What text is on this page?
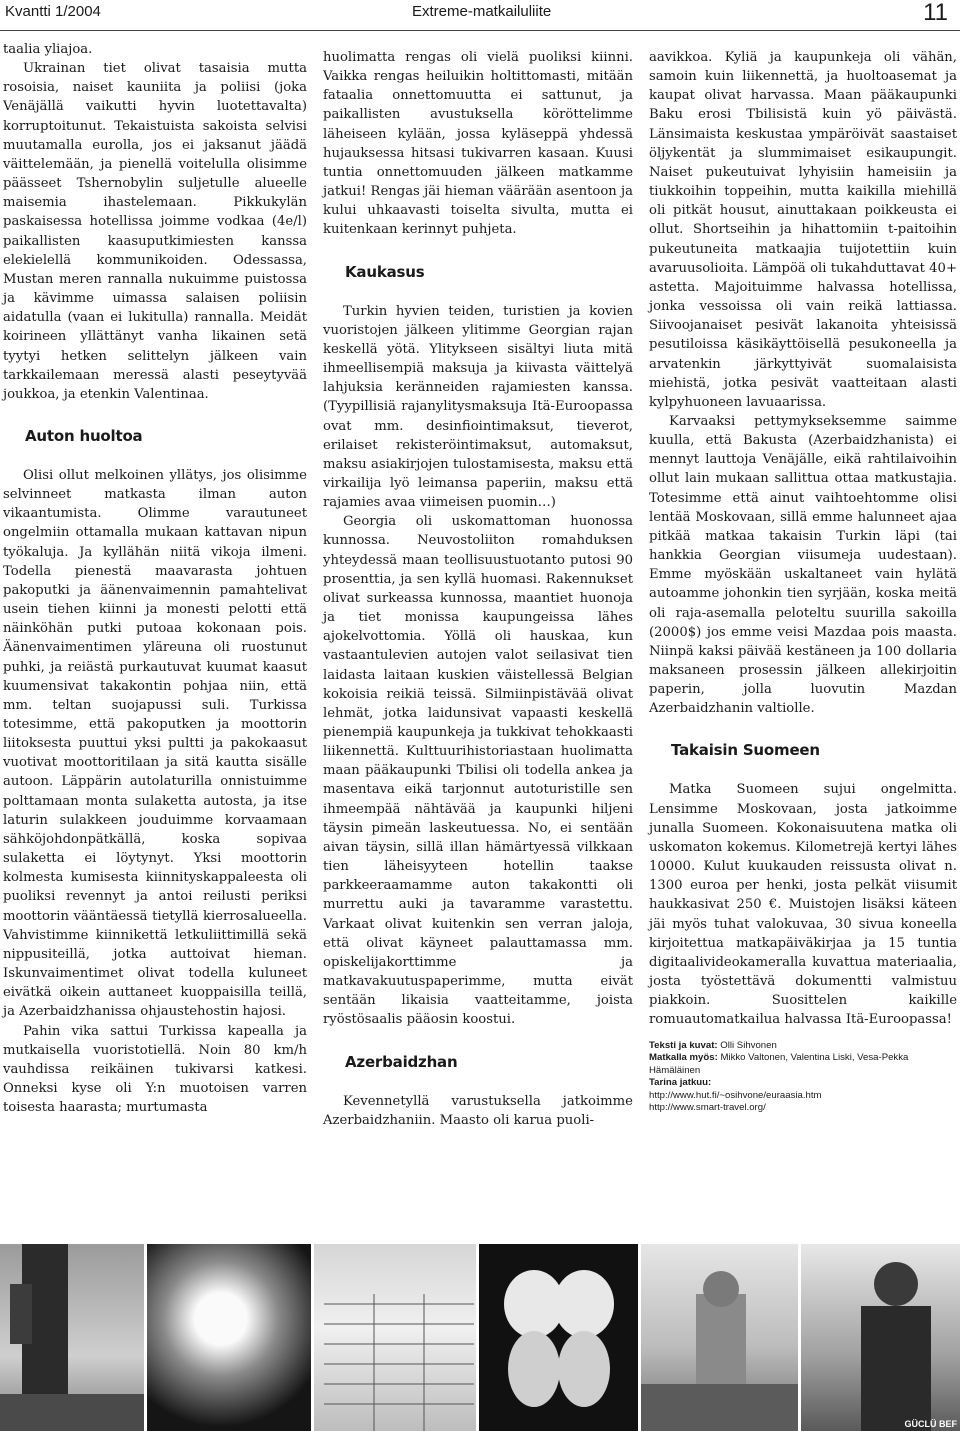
Kvantti 1/2004	Extreme-matkailuliite	11

taalia yliajoa.

Ukrainan tiet olivat tasaisia mutta rosoisia, naiset kauniita ja poliisi (joka Venäjällä vaikutti hyvin luotettavalta) korruptoitunut. Tekaistuista sakoista selvisi muutamalla eurolla, jos ei jaksanut jäädä väittelemään, ja pienellä voitelulla olisimme päässeet Tshernobylin suljetulle alueelle maisemia ihastelemaan. Pikkukylän paskaisessa hotellissa joimme vodkaa (4e/l) paikallisten kaasuputkimiesten kanssa elekielellä kommunikoiden. Odessassa, Mustan meren rannalla nukuimme puistossa ja kävimme uimassa salaisen poliisin aidatulla (vaan ei lukitulla) rannalla. Meidät koirineen yllättänyt vanha likainen setä tyytyi hetken selittelyn jälkeen vain tarkkailemaan meressä alasti peseytyvää joukkoa, ja etenkin Valentinaa.

Auton huoltoa

Olisi ollut melkoinen yllätys, jos olisimme selvinneet matkasta ilman auton vikaantumista. Olimme varautuneet ongelmiin ottamalla mukaan kattavan nipun työkaluja. Ja kyllähän niitä vikoja ilmeni. Todella pienestä maavarasta johtuen pakoputki ja äänenvaimennin pamahtelivat usein tiehen kiinni ja monesti pelotti että näinköhän putki putoaa kokonaan pois. Äänenvaimentimen yläreuna oli ruostunut puhki, ja reiästä purkautuvat kuumat kaasut kuumensivat takakontin pohjaa niin, että mm. teltan suojapussi suli. Turkissa totesimme, että pakoputken ja moottorin liitoksesta puuttui yksi pultti ja pakokaasut vuotivat moottoritilaan ja sitä kautta sisälle autoon. Läppärin autolaturilla onnistuimme polttamaan monta sulaketta autosta, ja itse laturin sulakkeen jouduimme korvaamaan sähköjohdonpätkällä, koska sopivaa sulaketta ei löytynyt. Yksi moottorin kolmesta kumisesta kiinnityskappaleesta oli puoliksi revennyt ja antoi reilusti periksi moottorin vääntäessä tietyllä kierrosalueella. Vahvistimme kiinnikettä letkuliittimillä sekä nippusiteillä, jotka auttoivat hieman. Iskunvaimentimet olivat todella kuluneet eivätkä oikein auttaneet kuoppaisilla teillä, ja Azerbaidzhanissa ohjaustehostin hajosi.

Pahin vika sattui Turkissa kapealla ja mutkaisella vuoristotiellä. Noin 80 km/h vauhdissa reikäinen tukivarsi katkesi. Onneksi kyse oli Y:n muotoisen varren toisesta haarasta; murtumasta

huolimatta rengas oli vielä puoliksi kiinni. Vaikka rengas heiluikin holtittomasti, mitään fataalia onnettomuutta ei sattunut, ja paikallisten avustuksella köröttelimme läheiseen kylään, jossa kyläseppä yhdessä hujauksessa hitsasi tukivarren kasaan. Kuusi tuntia onnettomuuden jälkeen matkamme jatkui! Rengas jäi hieman väärään asentoon ja kului uhkaavasti toiselta sivulta, mutta ei kuitenkaan kerinnyt puhjeta.

Kaukasus

Turkin hyvien teiden, turistien ja kovien vuoristojen jälkeen ylitimme Georgian rajan keskellä yötä. Ylitykseen sisältyi liuta mitä ihmeellisempiä maksuja ja kiivasta väittelyä lahjuksia keränneiden rajamiesten kanssa. (Tyypillisiä rajanylitysmaksuja Itä-Euroopassa ovat mm. desinfiointimaksut, tieverot, erilaiset rekisteröintimaksut, automaksut, maksu asiakirjojen tulostamisesta, maksu että virkailija lyö leimansa paperiin, maksu että rajamies avaa viimeisen puomin…)

Georgia oli uskomattoman huonossa kunnossa. Neuvostoliiton romahduksen yhteydessä maan teollisuustuotanto putosi 90 prosenttia, ja sen kyllä huomasi. Rakennukset olivat surkeassa kunnossa, maantiet huonoja ja tiet monissa kaupungeissa lähes ajokelvottomia. Yöllä oli hauskaa, kun vastaantulevien autojen valot seilasivat tien laidasta laitaan kuskien väistellessä Belgian kokoisia reikiä teissä. Silmiinpistävää olivat lehmät, jotka laidunsivat vapaasti keskellä pienempiä kaupunkeja ja tukkivat tehokkaasti liikennettä. Kulttuurihistoriastaan huolimatta maan pääkaupunki Tbilisi oli todella ankea ja masentava eikä tarjonnut autoturistille sen ihmeempää nähtävää ja kaupunki hiljeni täysin pimeän laskeutuessa. No, ei sentään aivan täysin, sillä illan hämärtyessä vilkkaan tien läheisyyteen hotellin taakse parkkeeraamamme auton takakontti oli murrettu auki ja tavaramme varastettu. Varkaat olivat kuitenkin sen verran jaloja, että olivat käyneet palauttamassa mm. opiskelijakorttimme ja matkavakuutuspaperimme, mutta eivät sentään likaisia vaatteitamme, joista ryöstösaalis pääosin koostui.

Azerbaidzhan

Kevennetyllä varustuksella jatkoimme Azerbaidzhaniin. Maasto oli karua puoli-

aavikkoa. Kyliä ja kaupunkeja oli vähän, samoin kuin liikennettä, ja huoltoasemat ja kaupat olivat harvassa. Maan pääkaupunki Baku erosi Tbilisistä kuin yö päivästä. Länsimaista keskustaa ympäröivät saastaiset öljykentät ja slummimaiset esikaupungit. Naiset pukeutuivat lyhyisiin hameisiin ja tiukkoihin toppeihin, mutta kaikilla miehillä oli pitkät housut, ainuttakaan poikkeusta ei ollut. Shortseihin ja hihattomiin t-paitoihin pukeutuneita matkaajia tuijotettiin kuin avaruusolioita. Lämpöä oli tukahduttavat 40+ astetta. Majoituimme halvassa hotellissa, jonka vessoissa oli vain reikä lattiassa. Siivoojanaiset pesivät lakanoita yhteisissä pesutiloissa käsikäyttöisellä pesukoneella ja arvatenkin järkyttyivät suomalaisista miehistä, jotka pesivät vaatteitaan alasti kylpyhuoneen lavuaarissa.

Karvaaksi pettymykseksemme saimme kuulla, että Bakusta (Azerbaidzhanista) ei mennyt lauttoja Venäjälle, eikä rahtilaivoihin ollut lain mukaan sallittua ottaa matkustajia. Totesimme että ainut vaihtoehtomme olisi lentää Moskovaan, sillä emme halunneet ajaa pitkää matkaa takaisin Turkin läpi (tai hankkia Georgian viisumeja uudestaan). Emme myöskään uskaltaneet vain hylätä autoamme johonkin tien syrjään, koska meitä oli raja-asemalla peloteltu suurilla sakoilla (2000$) jos emme veisi Mazdaa pois maasta. Niinpä kaksi päivää kestäneen ja 100 dollaria maksaneen prosessin jälkeen allekirjoitin paperin, jolla luovutin Mazdan Azerbaidzhanin valtiolle.

Takaisin Suomeen

Matka Suomeen sujui ongelmitta. Lensimme Moskovaan, josta jatkoimme junalla Suomeen. Kokonaisuutena matka oli uskomaton kokemus. Kilometrejä kertyi lähes 10000. Kulut kuukauden reissusta olivat n. 1300 euroa per henki, josta pelkät viisumit haukkasivat 250 €. Muistojen lisäksi käteen jäi myös tuhat valokuvaa, 30 sivua koneella kirjoitettua matkapäiväkirjaa ja 15 tuntia digitaalivideokameralla kuvattua materiaalia, josta työstettävä dokumentti valmistuu piakkoin. Suosittelen kaikille romuautomatkailua halvassa Itä-Euroopassa!

Teksti ja kuvat: Olli Sihvonen
Matkalla myös: Mikko Valtonen, Valentina Liski, Vesa-Pekka Hämäläinen
Tarina jatkuu:
http://www.hut.fi/~osihvone/euraasia.htm
http://www.smart-travel.org/
GÜCLÜ BEF
